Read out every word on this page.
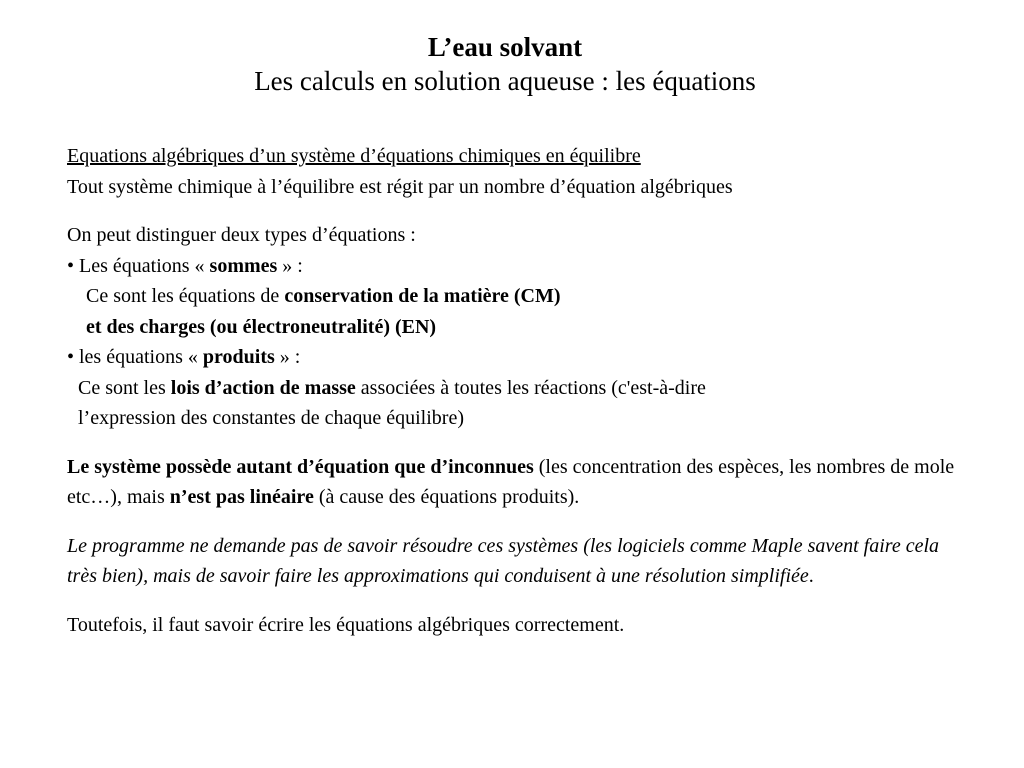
L’eau solvant
Les calculs en solution aqueuse : les équations

Equations algébriques d’un système d’équations chimiques en équilibre

Tout système chimique à l’équilibre est régit par un nombre d’équation algébriques

On peut distinguer deux types d’équations :

• Les équations « sommes » :

Ce sont les équations de conservation de la matière (CM)

et des charges (ou électroneutralité) (EN)

• les équations « produits » :

Ce sont les lois d’action de masse associées à toutes les réactions (c'est-à-dire

l’expression des constantes de chaque équilibre)

Le système possède autant d’équation que d’inconnues (les concentration des espèces, les nombres de mole etc…), mais n’est pas linéaire (à cause des équations produits).

Le programme ne demande pas de savoir résoudre ces systèmes (les logiciels comme Maple savent faire cela très bien), mais de savoir faire les approximations qui conduisent à une résolution simplifiée.

Toutefois, il faut savoir écrire les équations algébriques correctement.
